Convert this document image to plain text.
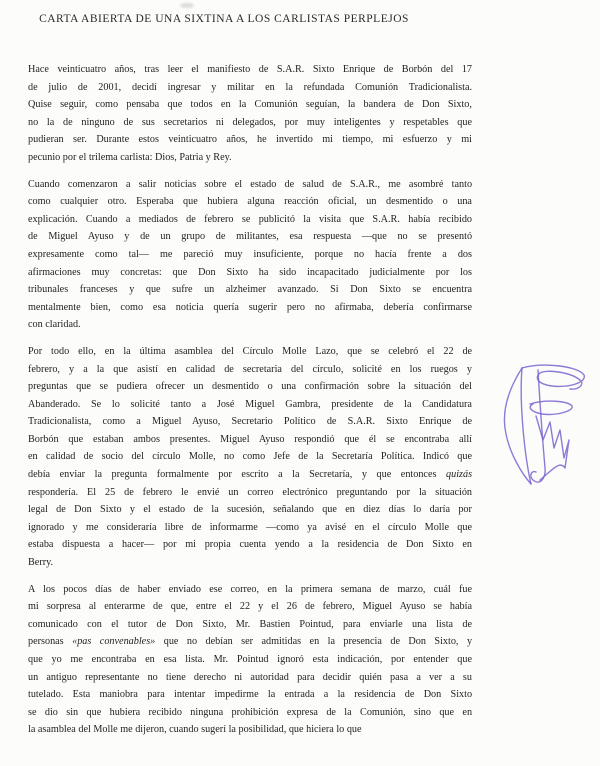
CARTA ABIERTA DE UNA SIXTINA A LOS CARLISTAS PERPLEJOS

Hace veinticuatro años, tras leer el manifiesto de S.A.R. Sixto Enrique de Borbón del 17
de julio de 2001, decidí ingresar y militar en la refundada Comunión Tradicionalista.
Quise seguir, como pensaba que todos en la Comunión seguían, la bandera de Don Sixto,
no la de ninguno de sus secretarios ni delegados, por muy inteligentes y respetables que
pudieran ser. Durante estos veinticuatro años, he invertido mi tiempo, mi esfuerzo y mi
pecunio por el trilema carlista: Dios, Patria y Rey.

Cuando comenzaron a salir noticias sobre el estado de salud de S.A.R., me asombré tanto
como cualquier otro. Esperaba que hubiera alguna reacción oficial, un desmentido o una
explicación. Cuando a mediados de febrero se publicitó la visita que S.A.R. había recibido
de Miguel Ayuso y de un grupo de militantes, esa respuesta —que no se presentó
expresamente como tal— me pareció muy insuficiente, porque no hacía frente a dos
afirmaciones muy concretas: que Don Sixto ha sido incapacitado judicialmente por los
tribunales franceses y que sufre un alzheimer avanzado. Si Don Sixto se encuentra
mentalmente bien, como esa noticia quería sugerir pero no afirmaba, debería confirmarse
con claridad.

Por todo ello, en la última asamblea del Círculo Molle Lazo, que se celebró el 22 de
febrero, y a la que asistí en calidad de secretaria del círculo, solicité en los ruegos y
preguntas que se pudiera ofrecer un desmentido o una confirmación sobre la situación del
Abanderado. Se lo solicité tanto a José Miguel Gambra, presidente de la Candidatura
Tradicionalista, como a Miguel Ayuso, Secretario Político de S.A.R. Sixto Enrique de
Borbón que estaban ambos presentes. Miguel Ayuso respondió que él se encontraba allí
en calidad de socio del círculo Molle, no como Jefe de la Secretaría Política. Indicó que
debía enviar la pregunta formalmente por escrito a la Secretaría, y que entonces quizás
respondería. El 25 de febrero le envié un correo electrónico preguntando por la situación
legal de Don Sixto y el estado de la sucesión, señalando que en diez días lo daría por
ignorado y me consideraría libre de informarme —como ya avisé en el círculo Molle que
estaba dispuesta a hacer— por mi propia cuenta yendo a la residencia de Don Sixto en
Berry.

A los pocos días de haber enviado ese correo, en la primera semana de marzo, cuál fue
mi sorpresa al enterarme de que, entre el 22 y el 26 de febrero, Miguel Ayuso se había
comunicado con el tutor de Don Sixto, Mr. Bastien Pointud, para enviarle una lista de
personas «pas convenables» que no debían ser admitidas en la presencia de Don Sixto, y
que yo me encontraba en esa lista. Mr. Pointud ignoró esta indicación, por entender que
un antiguo representante no tiene derecho ni autoridad para decidir quién pasa a ver a su
tutelado. Esta maniobra para intentar impedirme la entrada a la residencia de Don Sixto
se dio sin que hubiera recibido ninguna prohibición expresa de la Comunión, sino que en
la asamblea del Molle me dijeron, cuando sugerí la posibilidad, que hiciera lo que
